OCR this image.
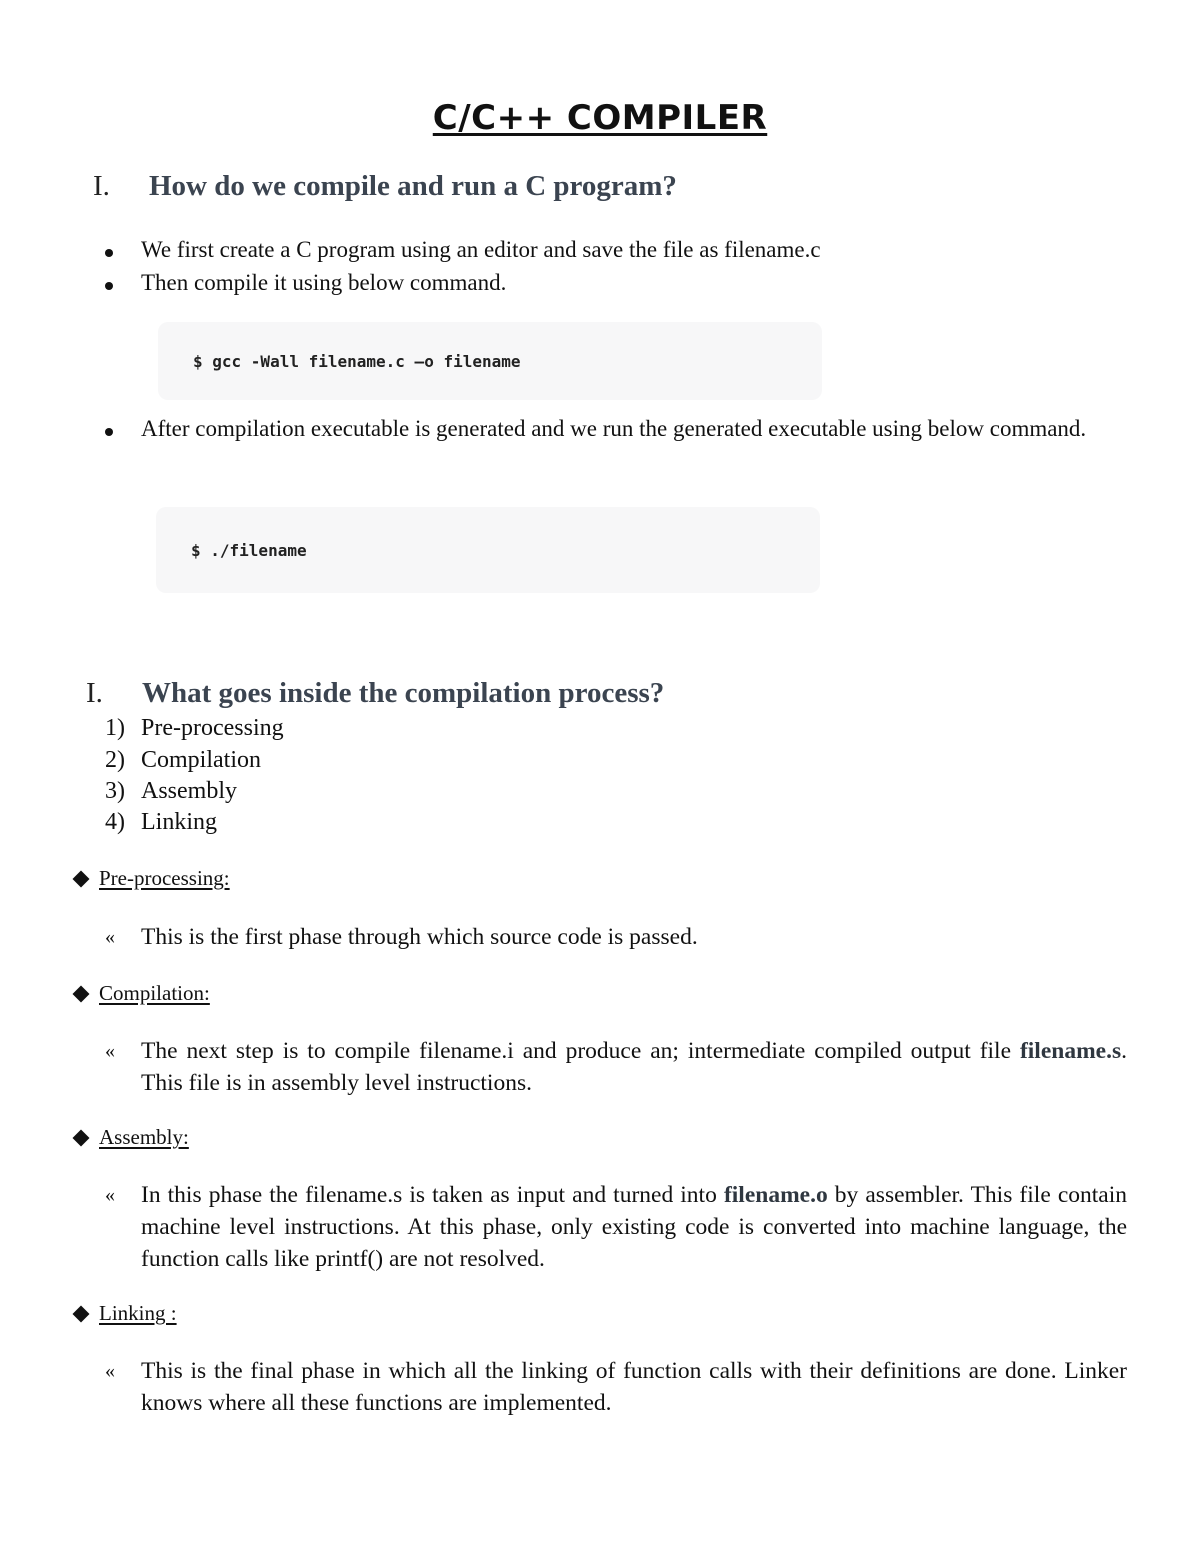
C/C++ COMPILER
I. How do we compile and run a C program?
We first create a C program using an editor and save the file as filename.c
Then compile it using below command.
$ gcc -Wall filename.c –o filename
After compilation executable is generated and we run the generated executable using below command.
$ ./filename
I. What goes inside the compilation process?
1) Pre-processing
2) Compilation
3) Assembly
4) Linking
Pre-processing:
« This is the first phase through which source code is passed.
Compilation:
« The next step is to compile filename.i and produce an; intermediate compiled output file filename.s. This file is in assembly level instructions.
Assembly:
« In this phase the filename.s is taken as input and turned into filename.o by assembler. This file contain machine level instructions. At this phase, only existing code is converted into machine language, the function calls like printf() are not resolved.
Linking :
« This is the final phase in which all the linking of function calls with their definitions are done. Linker knows where all these functions are implemented.
